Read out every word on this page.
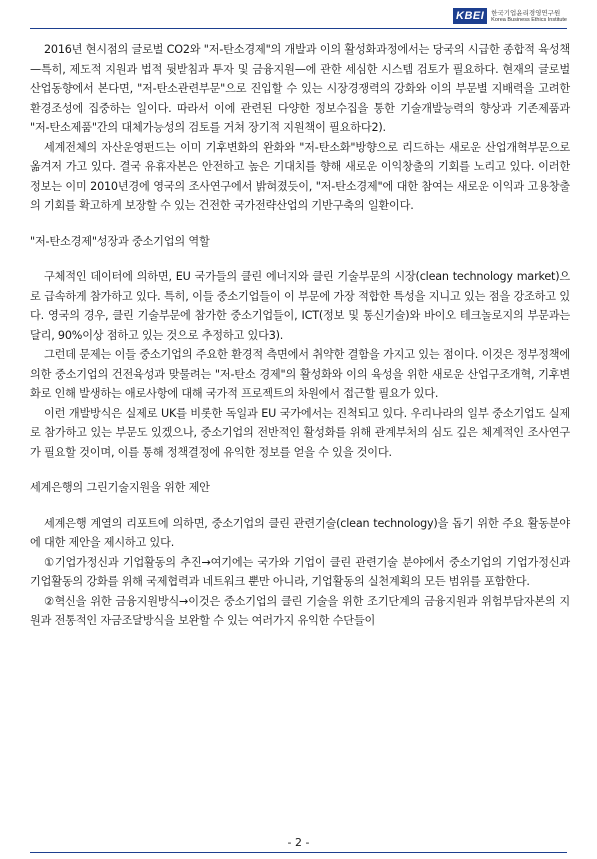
KBEI	한국기업윤리경영연구원
Korea Business Ethics Institute

2016년 현시점의 글로벌 CO2와 "저-탄소경제"의 개발과 이의 활성화과정에서는 당국의 시급한 종합적 육성책—특히, 제도적 지원과 법적 뒷받침과 투자 및 금융지원—에 관한 세심한 시스템 검토가 필요하다. 현재의 글로벌 산업동향에서 본다면, "저-탄소관련부문"으로 진입할 수 있는 시장경쟁력의 강화와 이의 부문별 지배력을 고려한 환경조성에 집중하는 일이다. 따라서 이에 관련된 다양한 정보수집을 통한 기술개발능력의 향상과 기존제품과 "저-탄소제품"간의 대체가능성의 검토를 거쳐 장기적 지원책이 필요하다2).

세계전체의 자산운영펀드는 이미 기후변화의 완화와 "저-탄소화"방향으로 리드하는 새로운 산업개혁부문으로 옮겨저 가고 있다. 결국 유휴자본은 안전하고 높은 기대치를 향해 새로운 이익창출의 기회를 노리고 있다. 이러한 정보는 이미 2010년경에 영국의 조사연구에서 밝혀졌듯이, "저-탄소경제"에 대한 참여는 새로운 이익과 고용창출의 기회를 확고하게 보장할 수 있는 건전한 국가전략산업의 기반구축의 일환이다.

"저-탄소경제"성장과 중소기업의 역할

구체적인 데이터에 의하면, EU 국가들의 클린 에너지와 클린 기술부문의 시장(clean technology market)으로 급속하게 참가하고 있다. 특히, 이들 중소기업들이 이 부문에 가장 적합한 특성을 지니고 있는 점을 강조하고 있다. 영국의 경우, 클린 기술부문에 참가한 중소기업들이, ICT(정보 및 통신기술)와 바이오 테크놀로지의 부문과는 달리, 90%이상 점하고 있는 것으로 추정하고 있다3).

그런데 문제는 이들 중소기업의 주요한 환경적 측면에서 취약한 결함을 가지고 있는 점이다. 이것은 정부정책에 의한 중소기업의 건전육성과 맞물려는 "저-탄소 경제"의 활성화와 이의 육성을 위한 새로운 산업구조개혁, 기후변화로 인해 발생하는 애로사항에 대해 국가적 프로젝트의 차원에서 접근할 필요가 있다.

이런 개발방식은 실제로 UK를 비롯한 독일과 EU 국가에서는 진척되고 있다. 우리나라의 일부 중소기업도 실제로 참가하고 있는 부문도 있겠으나, 중소기업의 전반적인 활성화를 위해 관계부처의 심도 깊은 체계적인 조사연구가 필요할 것이며, 이를 통해 정책결정에 유익한 정보를 얻을 수 있을 것이다.

세계은행의 그린기술지원을 위한 제안

세계은행 계열의 리포트에 의하면, 중소기업의 클린 관련기술(clean technology)을 돕기 위한 주요 활동분야에 대한 제안을 제시하고 있다.

①기업가정신과 기업활동의 추진→여기에는 국가와 기업이 클린 관련기술 분야에서 중소기업의 기업가정신과 기업활동의 강화를 위해 국제협력과 네트워크 뿐만 아니라, 기업활동의 실천계획의 모든 범위를 포함한다.

②혁신을 위한 금융지원방식→이것은 중소기업의 클린 기술을 위한 조기단계의 금융지원과 위험부담자본의 지원과 전통적인 자금조달방식을 보완할 수 있는 여러가지 유익한 수단들이

- 2 -
